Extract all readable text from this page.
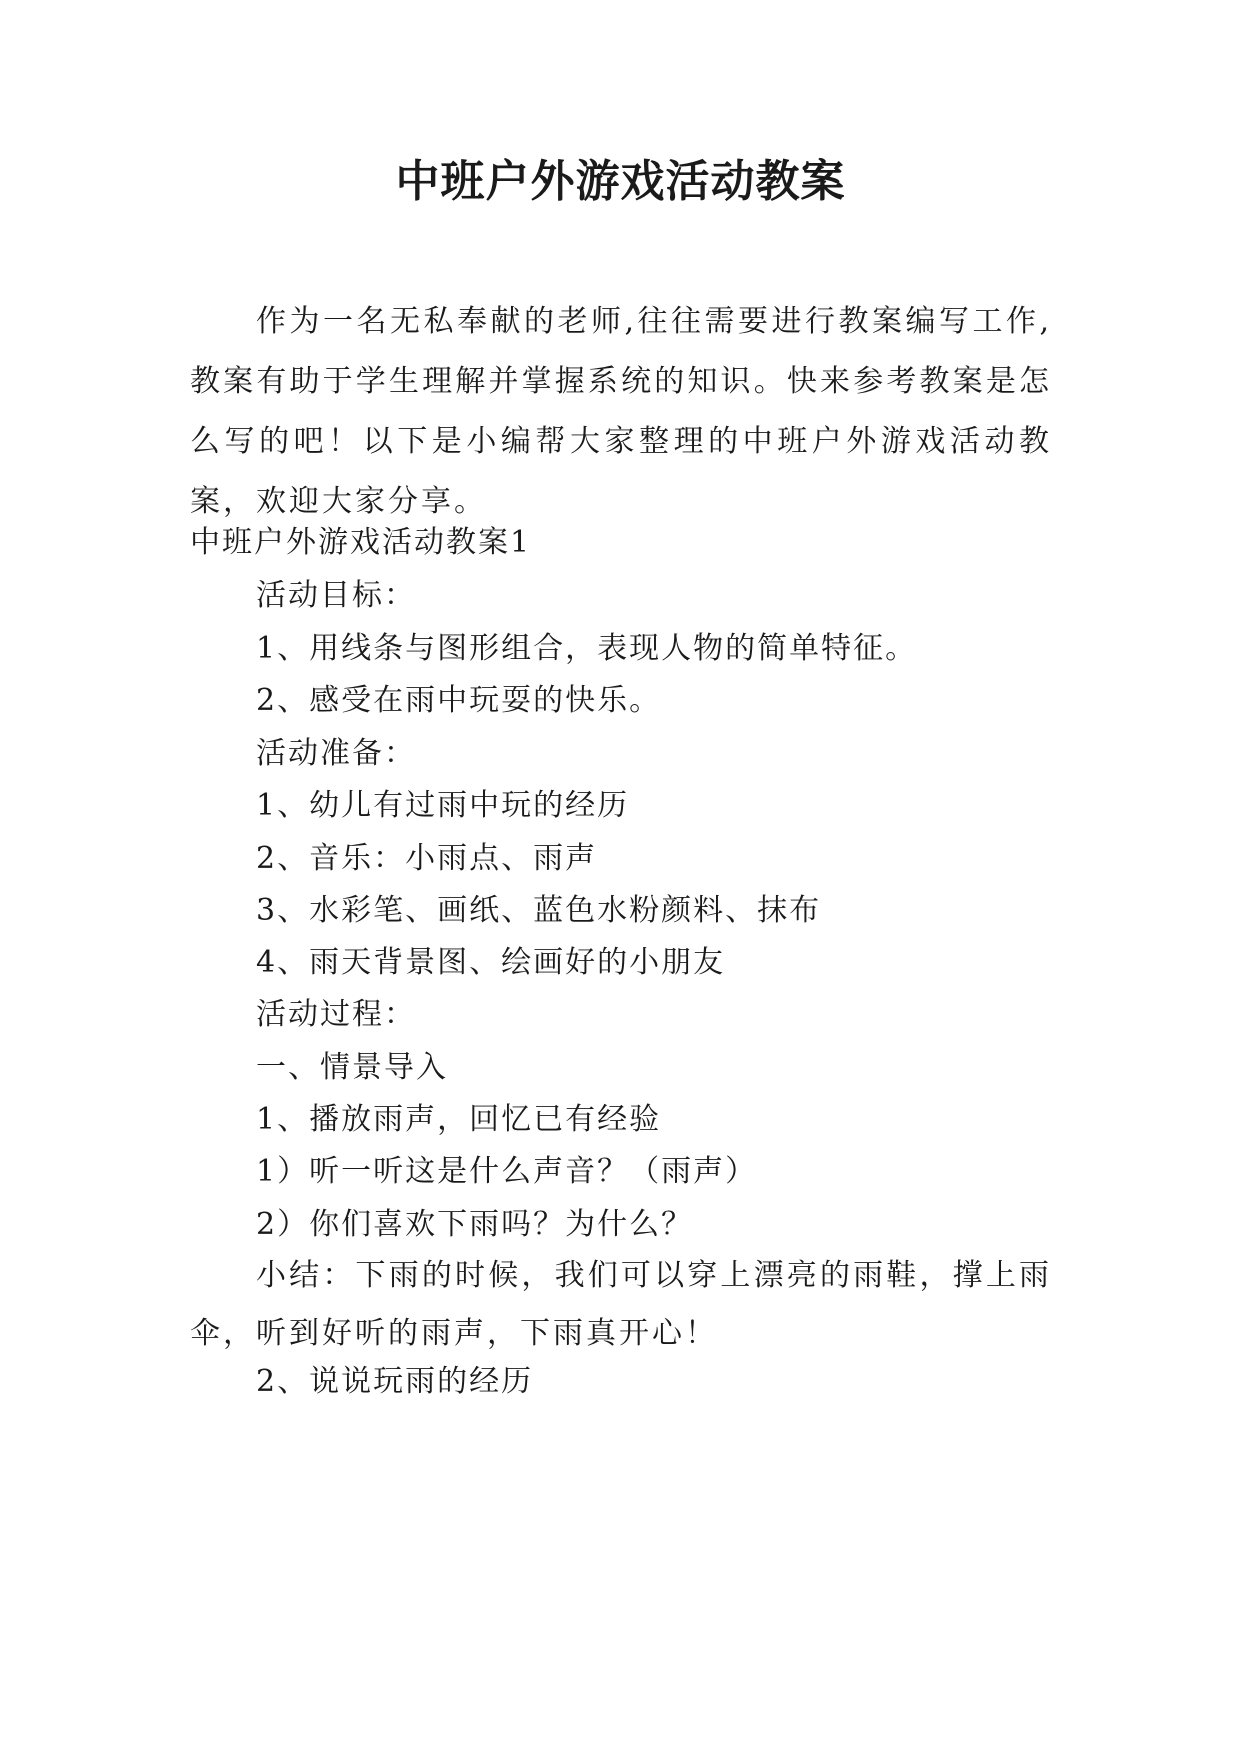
中班户外游戏活动教案
作为一名无私奉献的老师,往往需要进行教案编写工作,教案有助于学生理解并掌握系统的知识。快来参考教案是怎么写的吧！以下是小编帮大家整理的中班户外游戏活动教案，欢迎大家分享。
中班户外游戏活动教案1
活动目标：
1、用线条与图形组合，表现人物的简单特征。
2、感受在雨中玩耍的快乐。
活动准备：
1、幼儿有过雨中玩的经历
2、音乐：小雨点、雨声
3、水彩笔、画纸、蓝色水粉颜料、抹布
4、雨天背景图、绘画好的小朋友
活动过程：
一、情景导入
1、播放雨声，回忆已有经验
1）听一听这是什么声音？（雨声）
2）你们喜欢下雨吗？为什么？
小结：下雨的时候，我们可以穿上漂亮的雨鞋，撑上雨伞，听到好听的雨声，下雨真开心！
2、说说玩雨的经历
